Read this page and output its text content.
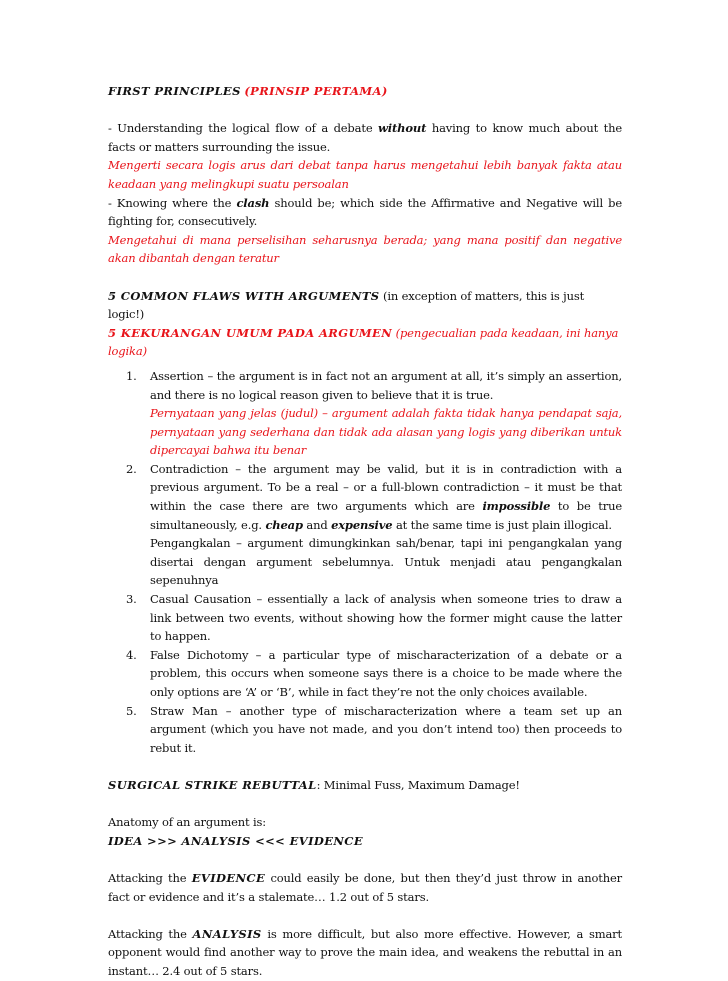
FIRST PRINCIPLES (PRINSIP PERTAMA)

- Understanding the logical flow of a debate without having to know much about the facts or matters surrounding the issue.

Mengerti secara logis arus dari debat tanpa harus mengetahui lebih banyak fakta atau keadaan yang melingkupi suatu persoalan

- Knowing where the clash should be; which side the Affirmative and Negative will be fighting for, consecutively.

Mengetahui di mana perselisihan seharusnya berada; yang mana positif dan negative akan dibantah dengan teratur

5 COMMON FLAWS WITH ARGUMENTS (in exception of matters, this is just logic!)

5 KEKURANGAN UMUM PADA ARGUMEN (pengecualian pada keadaan, ini hanya logika)

1. Assertion – the argument is in fact not an argument at all, it’s simply an assertion, and there is no logical reason given to believe that it is true.
Pernyataan yang jelas (judul) – argument adalah fakta tidak hanya pendapat saja, pernyataan yang sederhana dan tidak ada alasan yang logis yang diberikan untuk dipercayai bahwa itu benar
2. Contradiction – the argument may be valid, but it is in contradiction with a previous argument. To be a real – or a full-blown contradiction – it must be that within the case there are two arguments which are impossible to be true simultaneously, e.g. cheap and expensive at the same time is just plain illogical.
Pengangkalan – argument dimungkinkan sah/benar, tapi ini pengangkalan yang disertai dengan argument sebelumnya. Untuk menjadi atau pengangkalan sepenuhnya
3. Casual Causation – essentially a lack of analysis when someone tries to draw a link between two events, without showing how the former might cause the latter to happen.
4. False Dichotomy – a particular type of mischaracterization of a debate or a problem, this occurs when someone says there is a choice to be made where the only options are ‘A’ or ‘B’, while in fact they’re not the only choices available.
5. Straw Man – another type of mischaracterization where a team set up an argument (which you have not made, and you don’t intend too) then proceeds to rebut it.

SURGICAL STRIKE REBUTTAL: Minimal Fuss, Maximum Damage!

Anatomy of an argument is:

IDEA >>> ANALYSIS <<< EVIDENCE

Attacking the EVIDENCE could easily be done, but then they’d just throw in another fact or evidence and it’s a stalemate… 1.2 out of 5 stars.

Attacking the ANALYSIS is more difficult, but also more effective. However, a smart opponent would find another way to prove the main idea, and weakens the rebuttal in an instant… 2.4 out of 5 stars.
